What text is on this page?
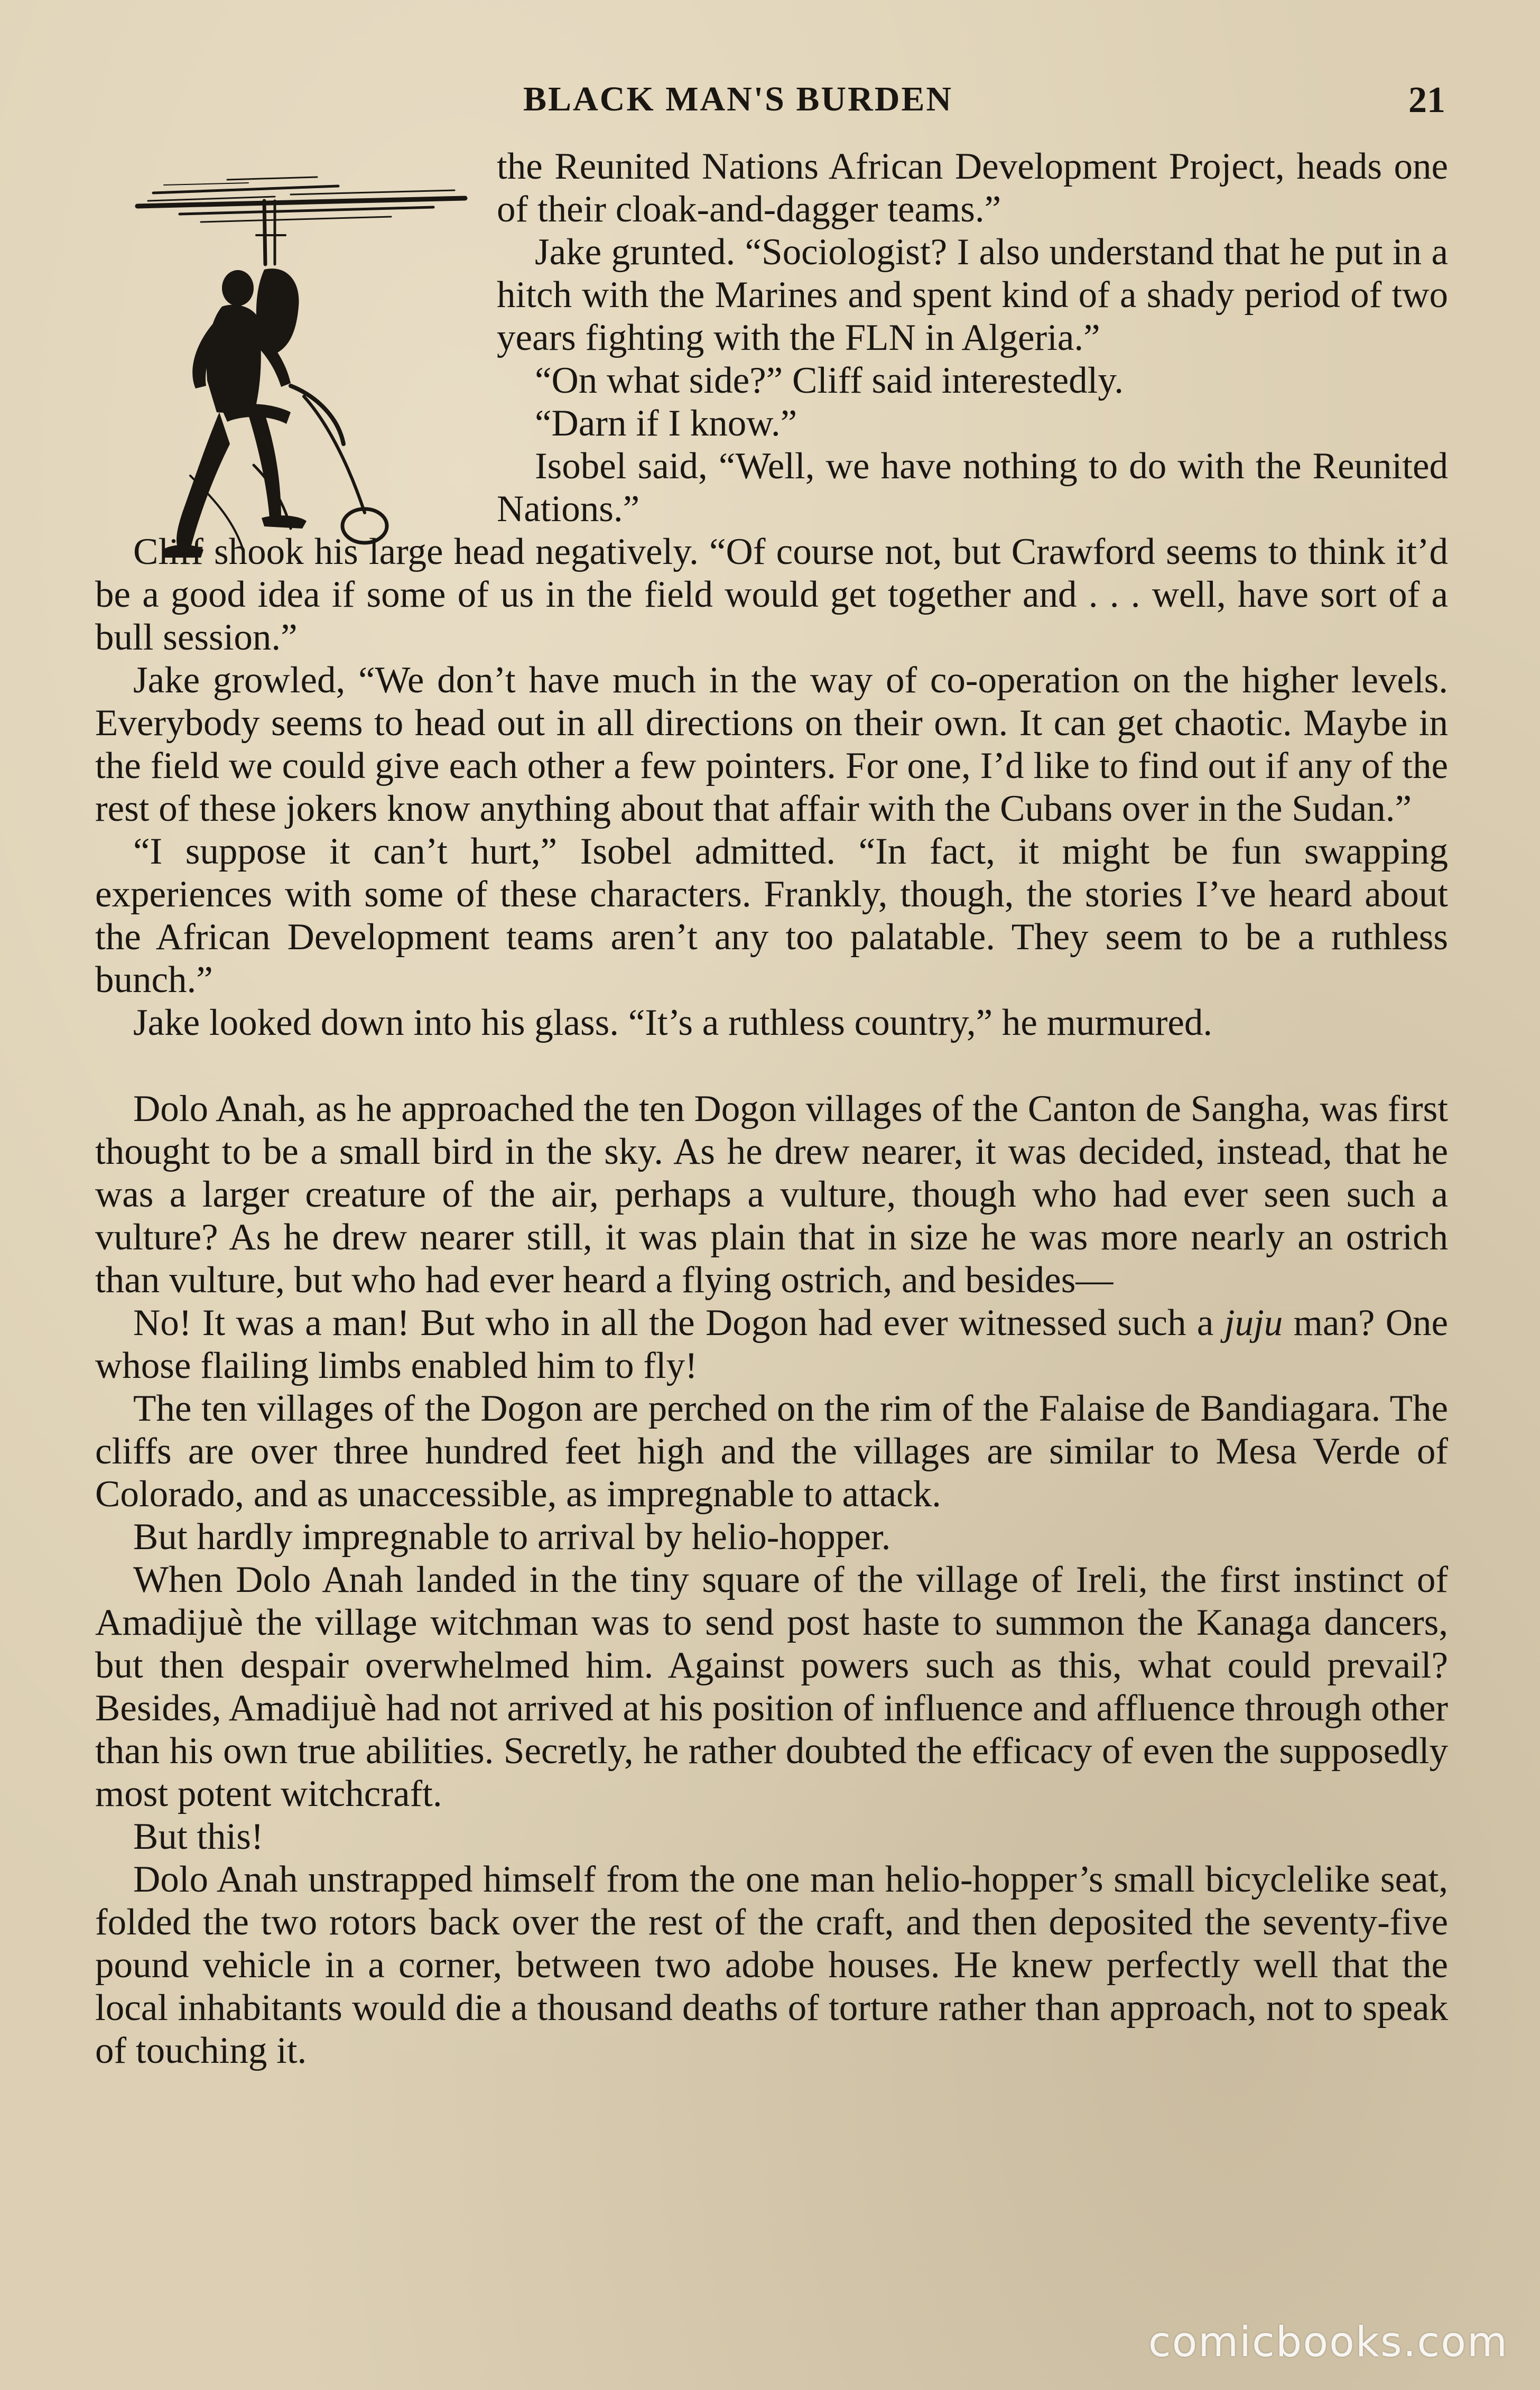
BLACK MAN'S BURDEN	21

the Reunited Nations African Development Project, heads one of their cloak-and-dagger teams.”

Jake grunted. “Sociologist? I also understand that he put in a hitch with the Marines and spent kind of a shady period of two years fighting with the FLN in Algeria.”

“On what side?” Cliff said interestedly.

“Darn if I know.”

Isobel said, “Well, we have nothing to do with the Reunited Nations.”

Cliff shook his large head negatively. “Of course not, but Crawford seems to think it’d be a good idea if some of us in the field would get together and . . . well, have sort of a bull session.”

Jake growled, “We don’t have much in the way of co-operation on the higher levels. Everybody seems to head out in all directions on their own. It can get chaotic. Maybe in the field we could give each other a few pointers. For one, I’d like to find out if any of the rest of these jokers know anything about that affair with the Cubans over in the Sudan.”

“I suppose it can’t hurt,” Isobel admitted. “In fact, it might be fun swapping experiences with some of these characters. Frankly, though, the stories I’ve heard about the African Development teams aren’t any too palatable. They seem to be a ruthless bunch.”

Jake looked down into his glass. “It’s a ruthless country,” he murmured.

Dolo Anah, as he approached the ten Dogon villages of the Canton de Sangha, was first thought to be a small bird in the sky. As he drew nearer, it was decided, instead, that he was a larger creature of the air, perhaps a vulture, though who had ever seen such a vulture? As he drew nearer still, it was plain that in size he was more nearly an ostrich than vulture, but who had ever heard a flying ostrich, and besides—

No! It was a man! But who in all the Dogon had ever witnessed such a juju man? One whose flailing limbs enabled him to fly!

The ten villages of the Dogon are perched on the rim of the Falaise de Bandiagara. The cliffs are over three hundred feet high and the villages are similar to Mesa Verde of Colorado, and as unaccessible, as impregnable to attack.

But hardly impregnable to arrival by helio-hopper.

When Dolo Anah landed in the tiny square of the village of Ireli, the first instinct of Amadijuè the village witchman was to send post haste to summon the Kanaga dancers, but then despair overwhelmed him. Against powers such as this, what could prevail? Besides, Amadijuè had not arrived at his position of influence and affluence through other than his own true abilities. Secretly, he rather doubted the efficacy of even the supposedly most potent witchcraft.

But this!

Dolo Anah unstrapped himself from the one man helio-hopper’s small bicyclelike seat, folded the two rotors back over the rest of the craft, and then deposited the seventy-five pound vehicle in a corner, between two adobe houses. He knew perfectly well that the local inhabitants would die a thousand deaths of torture rather than approach, not to speak of touching it.

comicbooks.com
